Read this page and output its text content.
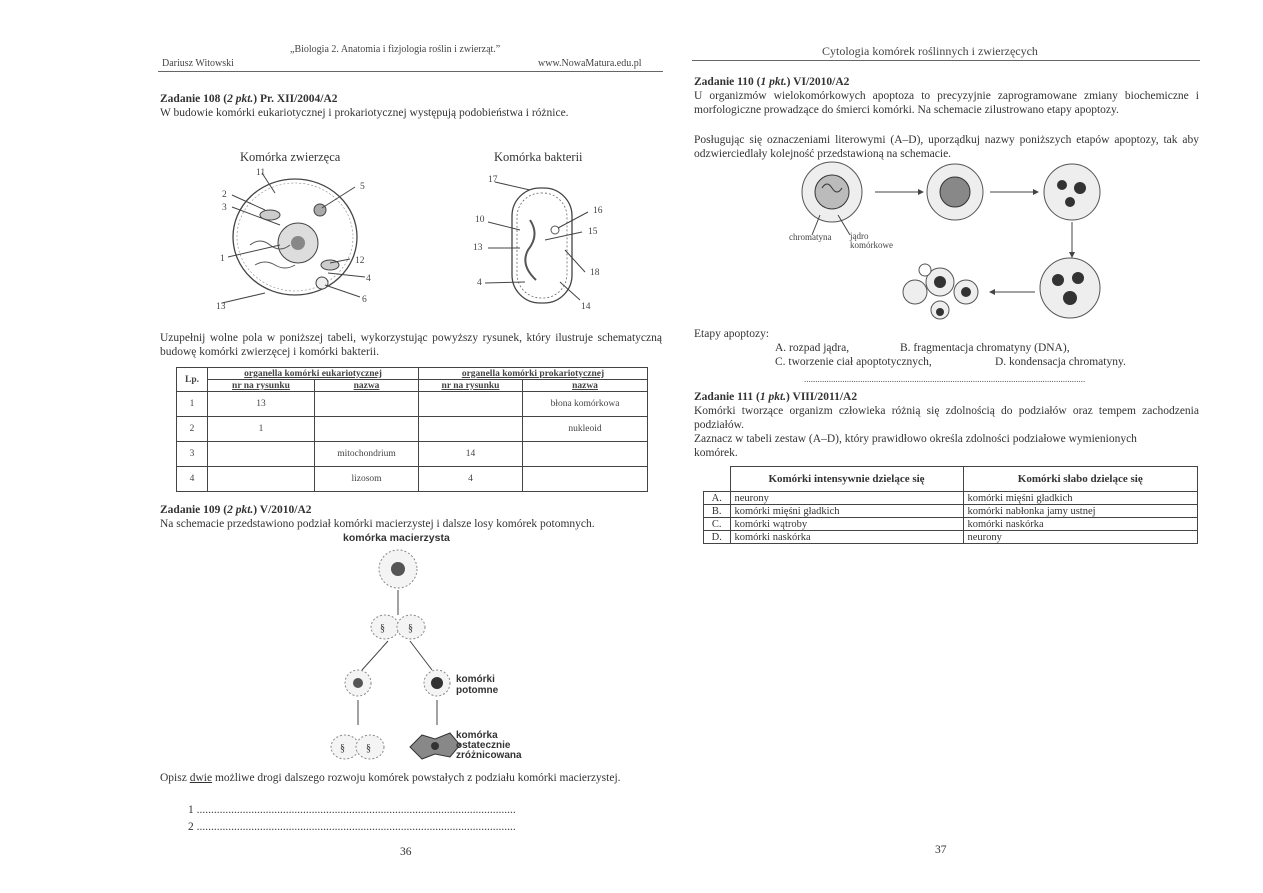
„Biologia 2. Anatomia i fizjologia roślin i zwierząt.”
Dariusz Witowski	www.NowaMatura.edu.pl
Zadanie 108 (2 pkt.) Pr. XII/2004/A2
W budowie komórki eukariotycznej i prokariotycznej występują podobieństwa i różnice.
Komórka zwierzęca	Komórka bakterii
11
2
3
5
1	12
4
6
13
17
10
13
4
16
15
18
14
Uzupełnij wolne pola w poniższej tabeli, wykorzystując powyższy rysunek, który ilustruje schematyczną budowę komórki zwierzęcej i komórki bakterii.
Lp.	organella komórki eukariotycznej		organella komórki prokariotycznej	
	nr na rysunku	nazwa	nr na rysunku	nazwa
1	13			błona komórkowa
2	1			nukleoid
3		mitochondrium	14	
4		lizosom	4	
Zadanie 109 (2 pkt.) V/2010/A2
Na schemacie przedstawiono podział komórki macierzystej i dalsze losy komórek potomnych.
komórka macierzysta
§ §
§ §
komórki
potomne
komórka
ostatecznie
zróżnicowana
Opisz dwie możliwe drogi dalszego rozwoju komórek powstałych z podziału komórki macierzystej.
1 ...............................................................................................................
2 ...............................................................................................................
36
Cytologia komórek roślinnych i zwierzęcych
Zadanie 110 (1 pkt.) VI/2010/A2
U organizmów wielokomórkowych apoptoza to precyzyjnie zaprogramowane zmiany biochemiczne i morfologiczne prowadzące do śmierci komórki. Na schemacie zilustrowano etapy apoptozy.
Posługując się oznaczeniami literowymi (A–D), uporządkuj nazwy poniższych etapów apoptozy, tak aby odzwierciedlały kolejność przedstawioną na schemacie.
chromatyna jądro
komórkowe
Etapy apoptozy:
A. rozpad jądra,	B. fragmentacja chromatyny (DNA),
C. tworzenie ciał apoptotycznych,	D. kondensacja chromatyny.
.............................................................................................................................
Zadanie 111 (1 pkt.) VIII/2011/A2
Komórki tworzące organizm człowieka różnią się zdolnością do podziałów oraz tempem zachodzenia podziałów.
Zaznacz w tabeli zestaw (A–D), który prawidłowo określa zdolności podziałowe wymienionych komórek.
	Komórki intensywnie dzielące się	Komórki słabo dzielące się
A.	neurony	komórki mięśni gładkich
B.	komórki mięśni gładkich	komórki nabłonka jamy ustnej
C.	komórki wątroby	komórki naskórka
D.	komórki naskórka	neurony
37
